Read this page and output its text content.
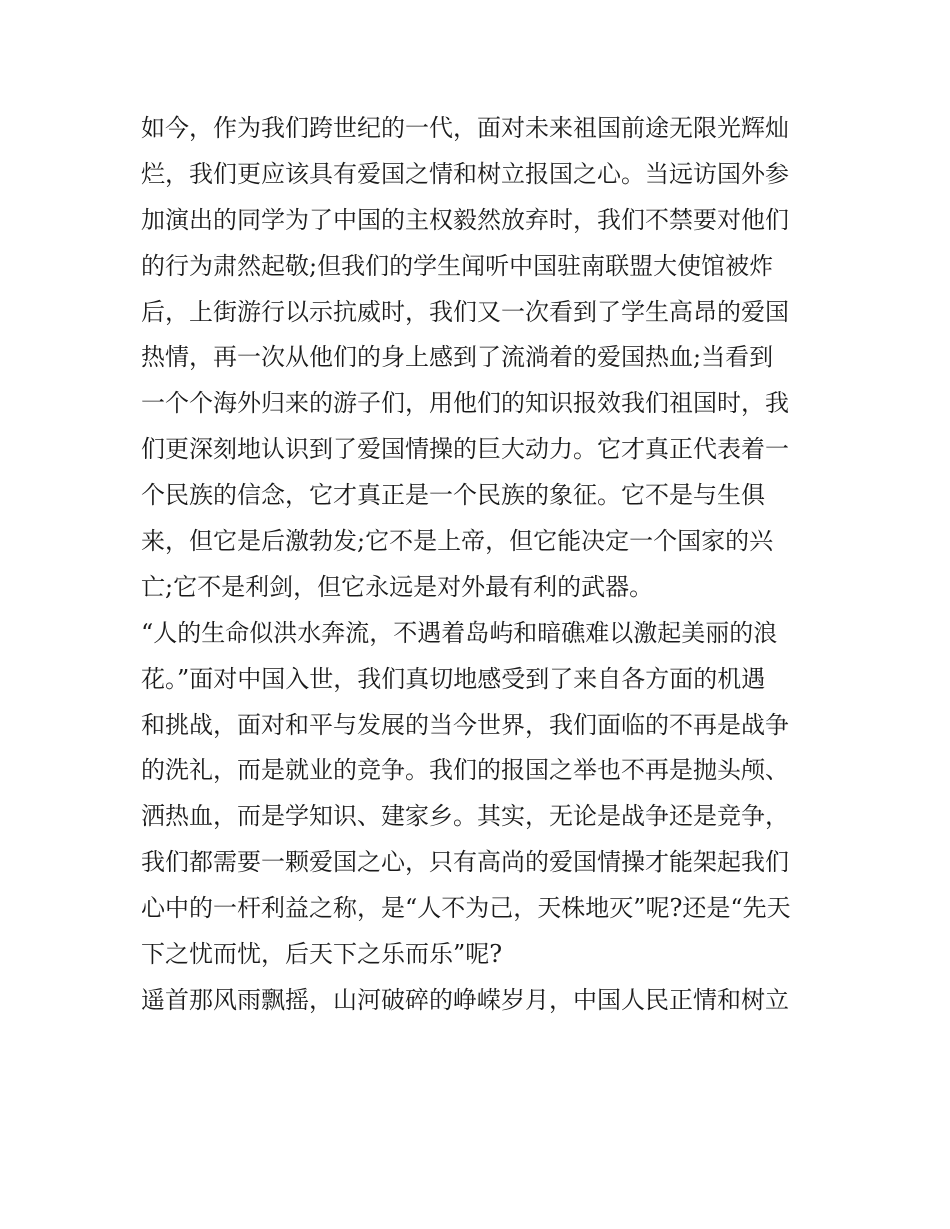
如今，作为我们跨世纪的一代，面对未来祖国前途无限光辉灿
烂，我们更应该具有爱国之情和树立报国之心。当远访国外参
加演出的同学为了中国的主权毅然放弃时，我们不禁要对他们
的行为肃然起敬;但我们的学生闻听中国驻南联盟大使馆被炸
后，上街游行以示抗威时，我们又一次看到了学生高昂的爱国
热情，再一次从他们的身上感到了流淌着的爱国热血;当看到
一个个海外归来的游子们，用他们的知识报效我们祖国时，我
们更深刻地认识到了爱国情操的巨大动力。它才真正代表着一
个民族的信念，它才真正是一个民族的象征。它不是与生俱
来，但它是后激勃发;它不是上帝，但它能决定一个国家的兴
亡;它不是利剑，但它永远是对外最有利的武器。
“人的生命似洪水奔流，不遇着岛屿和暗礁难以激起美丽的浪
花。”面对中国入世，我们真切地感受到了来自各方面的机遇
和挑战，面对和平与发展的当今世界，我们面临的不再是战争
的洗礼，而是就业的竞争。我们的报国之举也不再是抛头颅、
洒热血，而是学知识、建家乡。其实，无论是战争还是竞争，
我们都需要一颗爱国之心，只有高尚的爱国情操才能架起我们
心中的一杆利益之称，是“人不为己，天株地灭”呢?还是“先天
下之忧而忧，后天下之乐而乐”呢?
遥首那风雨飘摇，山河破碎的峥嵘岁月，中国人民正情和树立
